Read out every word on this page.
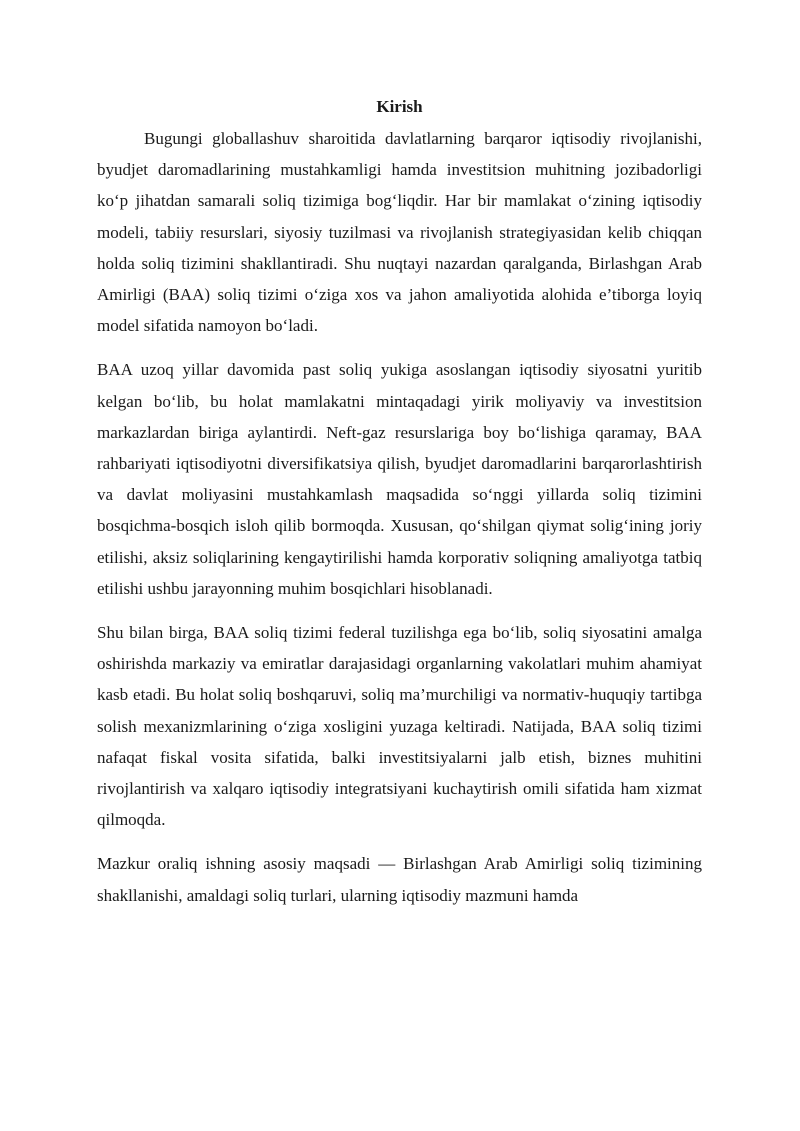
Kirish

Bugungi globallashuv sharoitida davlatlarning barqaror iqtisodiy rivojlanishi, byudjet daromadlarining mustahkamligi hamda investitsion muhitning jozibadorligi ko‘p jihatdan samarali soliq tizimiga bog‘liqdir. Har bir mamlakat o‘zining iqtisodiy modeli, tabiiy resurslari, siyosiy tuzilmasi va rivojlanish strategiyasidan kelib chiqqan holda soliq tizimini shakllantiradi. Shu nuqtayi nazardan qaralganda, Birlashgan Arab Amirligi (BAA) soliq tizimi o‘ziga xos va jahon amaliyotida alohida e’tiborga loyiq model sifatida namoyon bo‘ladi.

BAA uzoq yillar davomida past soliq yukiga asoslangan iqtisodiy siyosatni yuritib kelgan bo‘lib, bu holat mamlakatni mintaqadagi yirik moliyaviy va investitsion markazlardan biriga aylantirdi. Neft-gaz resurslariga boy bo‘lishiga qaramay, BAA rahbariyati iqtisodiyotni diversifikatsiya qilish, byudjet daromadlarini barqarorlashtirish va davlat moliyasini mustahkamlash maqsadida so‘nggi yillarda soliq tizimini bosqichma-bosqich isloh qilib bormoqda. Xususan, qo‘shilgan qiymat solig‘ining joriy etilishi, aksiz soliqlarining kengaytirilishi hamda korporativ soliqning amaliyotga tatbiq etilishi ushbu jarayonning muhim bosqichlari hisoblanadi.

Shu bilan birga, BAA soliq tizimi federal tuzilishga ega bo‘lib, soliq siyosatini amalga oshirishda markaziy va emiratlar darajasidagi organlarning vakolatlari muhim ahamiyat kasb etadi. Bu holat soliq boshqaruvi, soliq ma’murchiligi va normativ-huquqiy tartibga solish mexanizmlarining o‘ziga xosligini yuzaga keltiradi. Natijada, BAA soliq tizimi nafaqat fiskal vosita sifatida, balki investitsiyalarni jalb etish, biznes muhitini rivojlantirish va xalqaro iqtisodiy integratsiyani kuchaytirish omili sifatida ham xizmat qilmoqda.

Mazkur oraliq ishning asosiy maqsadi — Birlashgan Arab Amirligi soliq tizimining shakllanishi, amaldagi soliq turlari, ularning iqtisodiy mazmuni hamda
